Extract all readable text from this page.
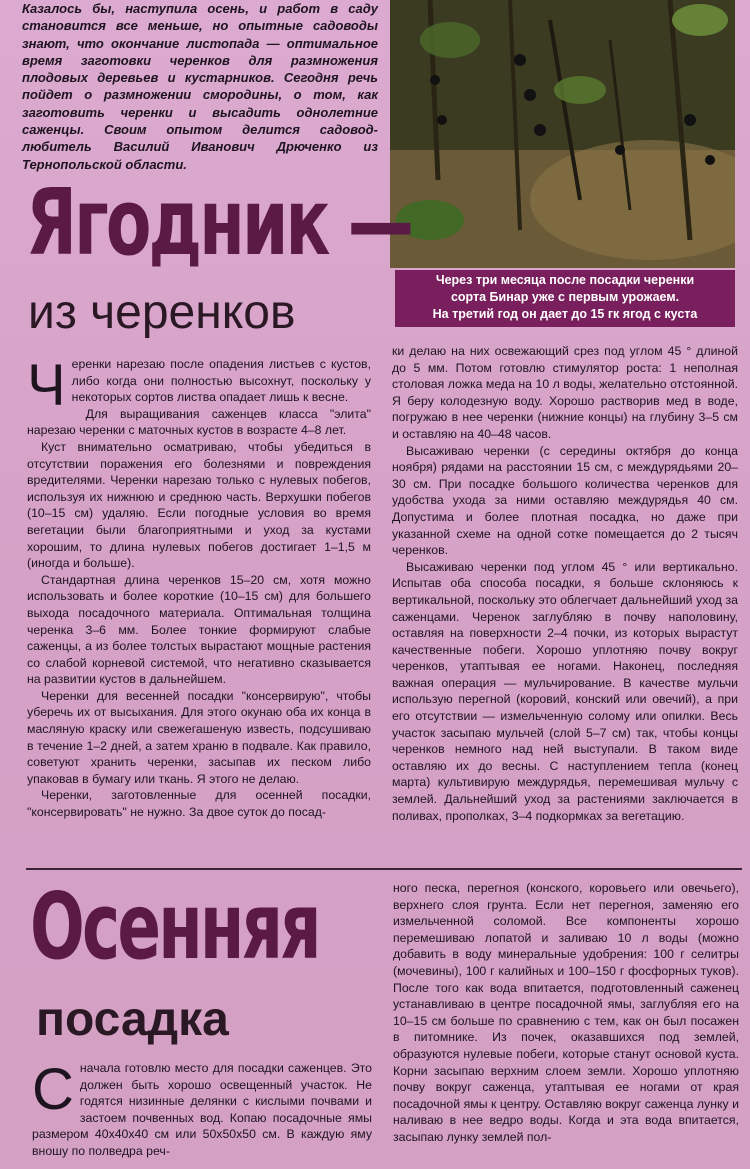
Казалось бы, наступила осень, и работ в саду становится все меньше, но опытные садоводы знают, что окончание листопада — оптимальное время заготовки черенков для размножения плодовых деревьев и кустарников. Сегодня речь пойдет о размножении смородины, о том, как заготовить черенки и высадить однолетние саженцы. Своим опытом делится садовод-любитель Василий Иванович Дрюченко из Тернопольской области.

Через три месяца после посадки черенки
сорта Бинар уже с первым урожаем.
На третий год он дает до 15 гк ягод с куста
Ягодник —
из черенков

Черенки нарезаю после опадения листьев с кустов, либо когда они полностью высохнут, поскольку у некоторых сортов листва опадает лишь к весне.

Для выращивания саженцев класса "элита" нарезаю черенки с маточных кустов в возрасте 4–8 лет.

Куст внимательно осматриваю, чтобы убедиться в отсутствии поражения его болезнями и повреждения вредителями. Черенки нарезаю только с нулевых побегов, используя их нижнюю и среднюю часть. Верхушки побегов (10–15 см) удаляю. Если погодные условия во время вегетации были благоприятными и уход за кустами хорошим, то длина нулевых побегов достигает 1–1,5 м (иногда и больше).

Стандартная длина черенков 15–20 см, хотя можно использовать и более короткие (10–15 см) для большего выхода посадочного материала. Оптимальная толщина черенка 3–6 мм. Более тонкие формируют слабые саженцы, а из более толстых вырастают мощные растения со слабой корневой системой, что негативно сказывается на развитии кустов в дальнейшем.

Черенки для весенней посадки "консервирую", чтобы уберечь их от высыхания. Для этого окунаю оба их конца в масляную краску или свежегашеную известь, подсушиваю в течение 1–2 дней, а затем храню в подвале. Как правило, советуют хранить черенки, засыпав их песком либо упаковав в бумагу или ткань. Я этого не делаю.

Черенки, заготовленные для осенней посадки, "консервировать" не нужно. За двое суток до посад-

ки делаю на них освежающий срез под углом 45 ° длиной до 5 мм. Потом готовлю стимулятор роста: 1 неполная столовая ложка меда на 10 л воды, желательно отстоянной. Я беру колодезную воду. Хорошо растворив мед в воде, погружаю в нее черенки (нижние концы) на глубину 3–5 см и оставляю на 40–48 часов.

Высаживаю черенки (с середины октября до конца ноября) рядами на расстоянии 15 см, с междурядьями 20–30 см. При посадке большого количества черенков для удобства ухода за ними оставляю междурядья 40 см. Допустима и более плотная посадка, но даже при указанной схеме на одной сотке помещается до 2 тысяч черенков.

Высаживаю черенки под углом 45 ° или вертикально. Испытав оба способа посадки, я больше склоняюсь к вертикальной, поскольку это облегчает дальнейший уход за саженцами. Черенок заглубляю в почву наполовину, оставляя на поверхности 2–4 почки, из которых вырастут качественные побеги. Хорошо уплотняю почву вокруг черенков, утаптывая ее ногами. Наконец, последняя важная операция — мульчирование. В качестве мульчи использую перегной (коровий, конский или овечий), а при его отсутствии — измельченную солому или опилки. Весь участок засыпаю мульчей (слой 5–7 см) так, чтобы концы черенков немного над ней выступали. В таком виде оставляю их до весны. С наступлением тепла (конец марта) культивирую междурядья, перемешивая мульчу с землей. Дальнейший уход за растениями заключается в поливах, прополках, 3–4 подкормках за вегетацию.

Осенняя
посадка

Сначала готовлю место для посадки саженцев. Это должен быть хорошо освещенный участок. Не годятся низинные делянки с кислыми почвами и застоем почвенных вод. Копаю посадочные ямы размером 40х40х40 см или 50х50х50 см. В каждую яму вношу по полведра реч-

ного песка, перегноя (конского, коровьего или овечьего), верхнего слоя грунта. Если нет перегноя, заменяю его измельченной соломой. Все компоненты хорошо перемешиваю лопатой и заливаю 10 л воды (можно добавить в воду минеральные удобрения: 100 г селитры (мочевины), 100 г калийных и 100–150 г фосфорных туков). После того как вода впитается, подготовленный саженец устанавливаю в центре посадочной ямы, заглубляя его на 10–15 см больше по сравнению с тем, как он был посажен в питомнике. Из почек, оказавшихся под землей, образуются нулевые побеги, которые станут основой куста. Корни засыпаю верхним слоем земли. Хорошо уплотняю почву вокруг саженца, утаптывая ее ногами от края посадочной ямы к центру. Оставляю вокруг саженца лунку и наливаю в нее ведро воды. Когда и эта вода впитается, засыпаю лунку землей пол-
